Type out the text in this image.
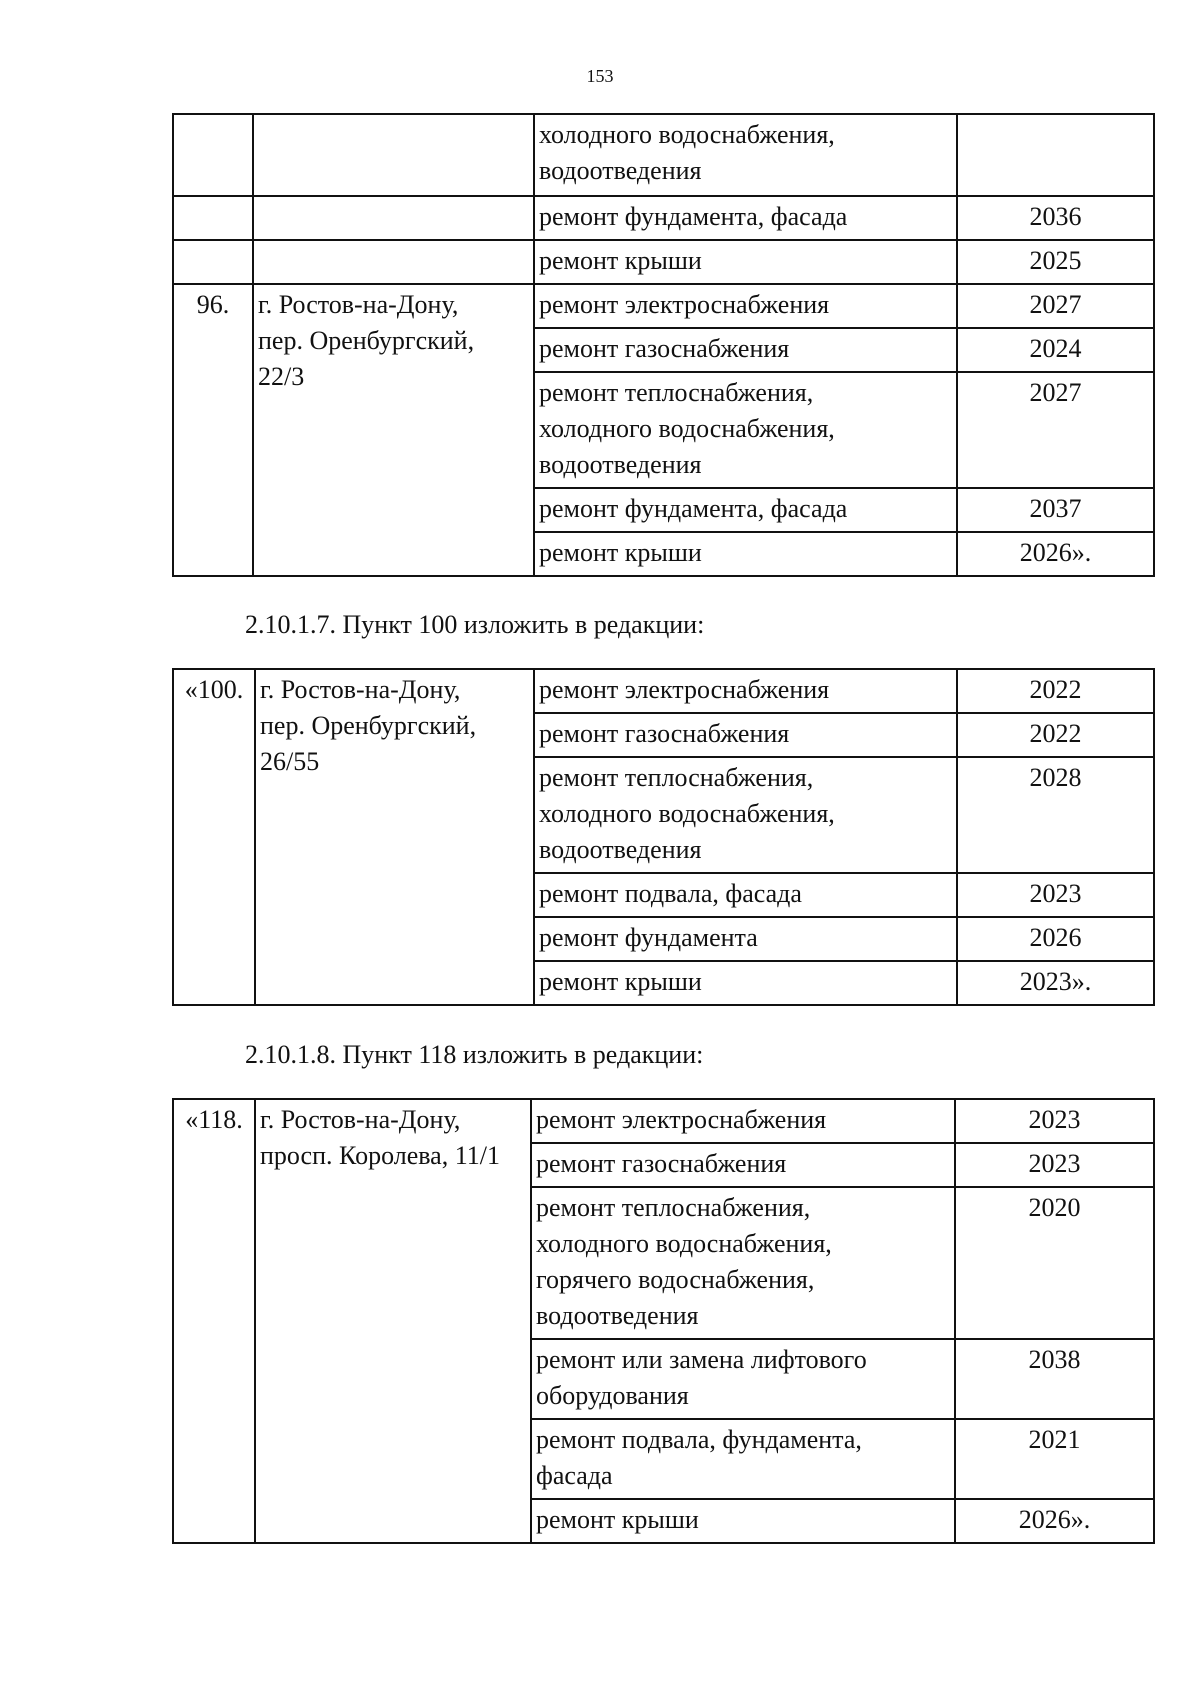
153
		холодного водоснабжения,
водоотведения	
		ремонт фундамента, фасада	2036
		ремонт крыши	2025
96.	г. Ростов-на-Дону,
пер. Оренбургский,
22/3	ремонт электроснабжения	2027
		ремонт газоснабжения	2024
		ремонт теплоснабжения,
холодного водоснабжения,
водоотведения	2027
		ремонт фундамента, фасада	2037
		ремонт крыши	2026».
2.10.1.7. Пункт 100 изложить в редакции:
«100.	г. Ростов-на-Дону,
пер. Оренбургский,
26/55	ремонт электроснабжения	2022
		ремонт газоснабжения	2022
		ремонт теплоснабжения,
холодного водоснабжения,
водоотведения	2028
		ремонт подвала, фасада	2023
		ремонт фундамента	2026
		ремонт крыши	2023».
2.10.1.8. Пункт 118 изложить в редакции:
«118.	г. Ростов-на-Дону,
просп. Королева, 11/1	ремонт электроснабжения	2023
		ремонт газоснабжения	2023
		ремонт теплоснабжения,
холодного водоснабжения,
горячего водоснабжения,
водоотведения	2020
		ремонт или замена лифтового
оборудования	2038
		ремонт подвала, фундамента,
фасада	2021
		ремонт крыши	2026».
